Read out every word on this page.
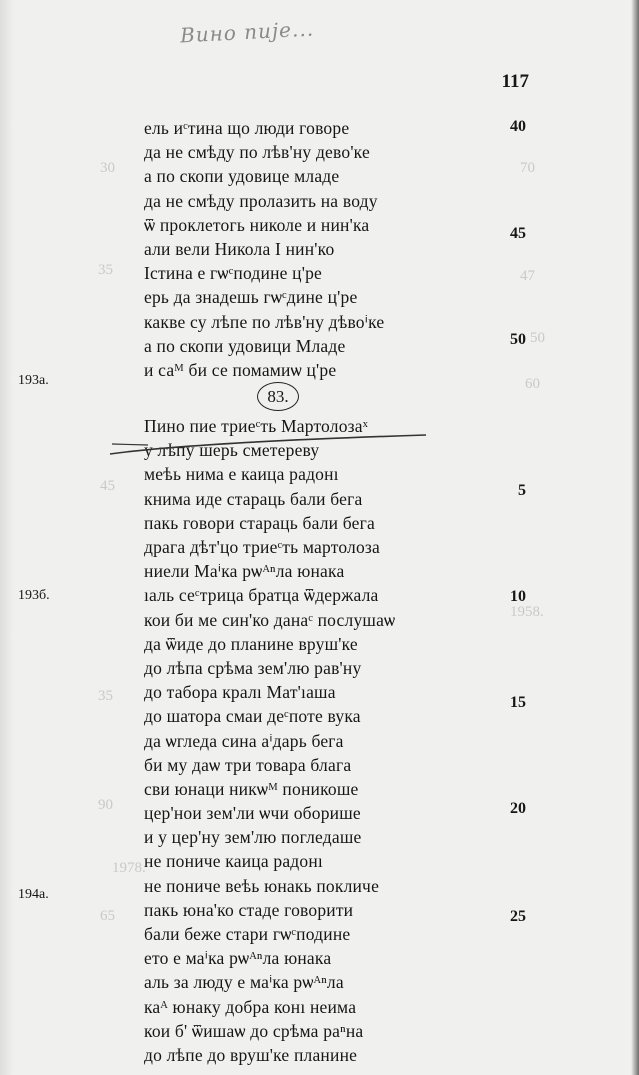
70
30
35	47
50
60
45
1958.
35
90
1978.
65
Вино пије...
117
ель иᶜтина що люди говоре
да не смѣду по лѣв'ну дево'ке
а по скопи удовице младе
да не смѣду пролазить на воду
ѿ проклетогь николе и нин'ка
али вели Никола I нин'ко
Iстина е гѡᶜподине ц'ре
ерь да знадешь гѡᶜдине ц'ре
какве су лѣпе по лѣв'ну дѣвоⁱке
а по скопи удовици Младе
и саᴹ би се помамиѡ ц'ре
83.
Пино пие триеᶜть Мартолозаˣ
у лѣпу шерь сметереву
меѣь нима е каица радонı
книма иде стараць бали бега
пакь говори стараць бали бега
драга дѣт'цо триеᶜть мартолоза
ниели Маⁱка рѡᴬⁿла юнака
ıаль сеᶜтрица братца ѿдержала
кои би ме син'ко данаᶜ послушаѡ
да ѿиде до планине вруш'ке
до лѣпа срѣма зем'лю рав'ну
до табора кралı Мат'ıаша
до шатора смаи деᶜпоте вука
да ѡгледа сина аⁱдарь бега
би му даѡ три товара блага
сви юнаци никѡᴹ поникоше
цер'нои зем'ли ѡчи оборише
и у цер'ну зем'лю погледаше
не пониче каица радонı
не пониче веѣь юнакь покличе
пакь юна'ко стаде говорити
бали беже стари гѡᶜподине
ето е маⁱка рѡᴬⁿла юнака
аль за люду е маⁱка рѡᴬⁿла
каᴬ юнаку добра конı неима
кои б' ѿишаѡ до срѣма раⁿна
до лѣпе до вруш'ке планине
40
45
50
5
10
15
20
25
193a.
193б.
194a.
